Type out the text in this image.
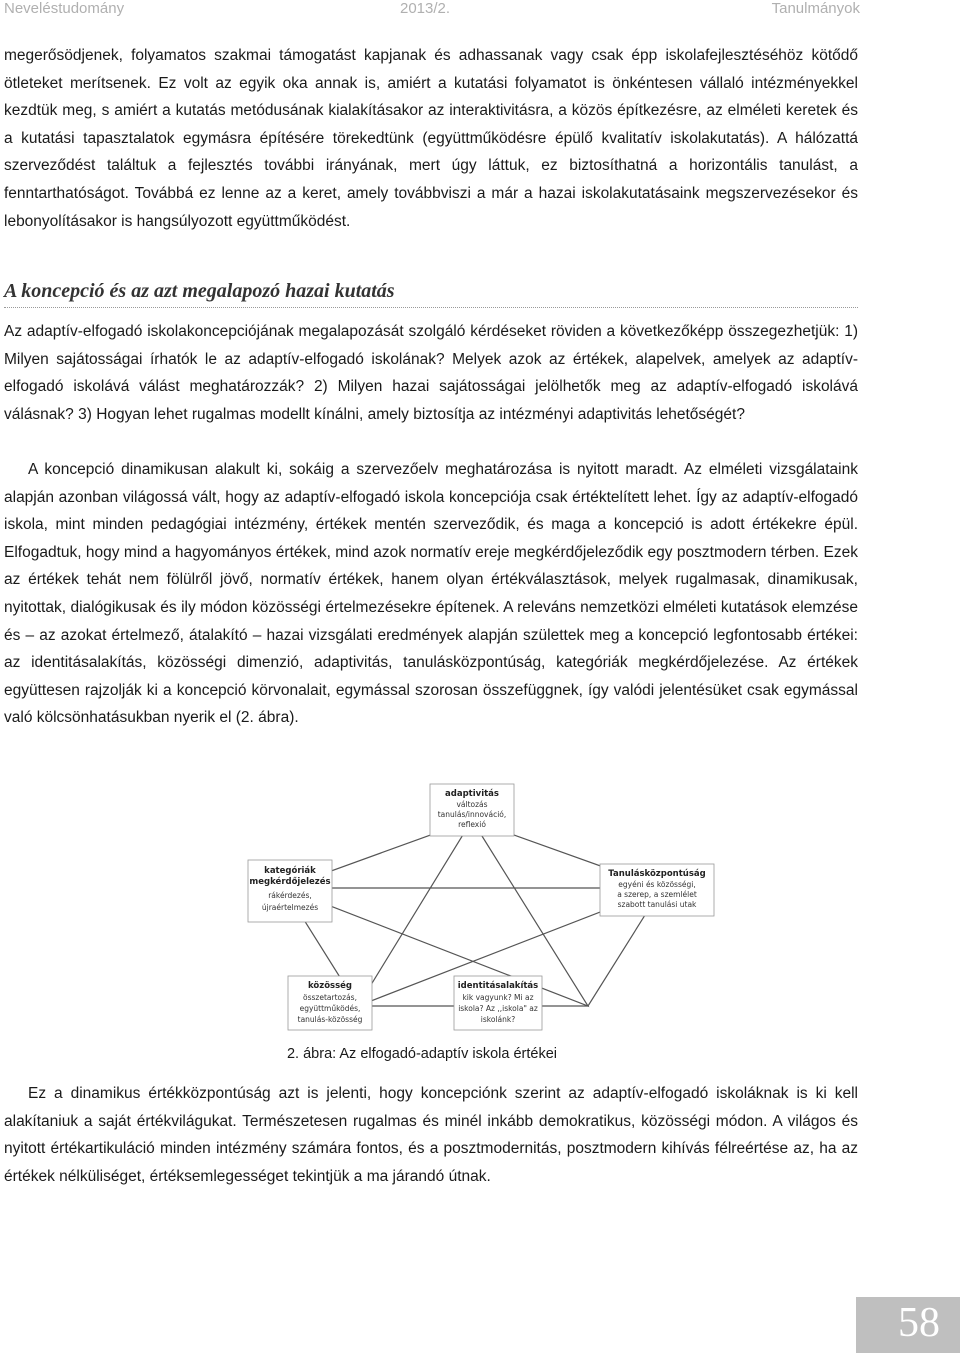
Neveléstudomány	2013/2.	Tanulmányok

megerősödjenek, folyamatos szakmai támogatást kapjanak és adhassanak vagy csak épp iskolafejlesztéséhöz kötődő ötleteket merítsenek. Ez volt az egyik oka annak is, amiért a kutatási folyamatot is önkéntesen vállaló intézményekkel kezdtük meg, s amiért a kutatás metódusának kialakításakor az interaktivitásra, a közös építkezésre, az elméleti keretek és a kutatási tapasztalatok egymásra építésére törekedtünk (együttműködésre épülő kvalitatív iskolakutatás). A hálózattá szerveződést találtuk a fejlesztés további irányának, mert úgy láttuk, ez biztosíthatná a horizontális tanulást, a fenntarthatóságot. Továbbá ez lenne az a keret, amely továbbviszi a már a hazai iskolakutatásaink megszervezésekor és lebonyolításakor is hangsúlyozott együttműködést.

A koncepció és az azt megalapozó hazai kutatás

Az adaptív-elfogadó iskolakoncepciójának megalapozását szolgáló kérdéseket röviden a következőképp összegezhetjük: 1) Milyen sajátosságai írhatók le az adaptív-elfogadó iskolának? Melyek azok az értékek, alapelvek, amelyek az adaptív-elfogadó iskolává válást meghatározzák? 2) Milyen hazai sajátosságai jelölhetők meg az adaptív-elfogadó iskolává válásnak? 3) Hogyan lehet rugalmas modellt kínálni, amely biztosítja az intézményi adaptivitás lehetőségét?

A koncepció dinamikusan alakult ki, sokáig a szervezőelv meghatározása is nyitott maradt. Az elméleti vizsgálataink alapján azonban világossá vált, hogy az adaptív-elfogadó iskola koncepciója csak értéktelített lehet. Így az adaptív-elfogadó iskola, mint minden pedagógiai intézmény, értékek mentén szerveződik, és maga a koncepció is adott értékekre épül. Elfogadtuk, hogy mind a hagyományos értékek, mind azok normatív ereje megkérdőjeleződik egy posztmodern térben. Ezek az értékek tehát nem fölülről jövő, normatív értékek, hanem olyan értékválasztások, melyek rugalmasak, dinamikusak, nyitottak, dialógikusak és ily módon közösségi értelmezésekre építenek. A releváns nemzetközi elméleti kutatások elemzése és – az azokat értelmező, átalakító – hazai vizsgálati eredmények alapján születtek meg a koncepció legfontosabb értékei: az identitásalakítás, közösségi dimenzió, adaptivitás, tanulásközpontúság, kategóriák megkérdőjelezése. Az értékek együttesen rajzolják ki a koncepció körvonalait, egymással szorosan összefüggnek, így valódi jelentésüket csak egymással való kölcsönhatásukban nyerik el (2. ábra).

adaptivitás
változás
tanulás/innováció,
reflexió
Tanulásközpontúság
egyéni és közösségi,
a szerep, a szemlélet
szabott tanulási utak
kategóriák
megkérdőjelezés
rákérdezés,
újraértelmezés
közösség
összetartozás,
együttműködés,
tanulás-közösség
identitásalakítás
kik vagyunk? Mi az
iskola? Az ,,iskola" az
iskolánk?
2. ábra: Az elfogadó-adaptív iskola értékei

Ez a dinamikus értékközpontúság azt is jelenti, hogy koncepciónk szerint az adaptív-elfogadó iskoláknak is ki kell alakítaniuk a saját értékvilágukat. Természetesen rugalmas és minél inkább demokratikus, közösségi módon. A világos és nyitott értékartikuláció minden intézmény számára fontos, és a posztmodernitás, posztmodern kihívás félreértése az, ha az értékek nélküliséget, értéksemlegességet tekintjük a ma járandó útnak.

58
